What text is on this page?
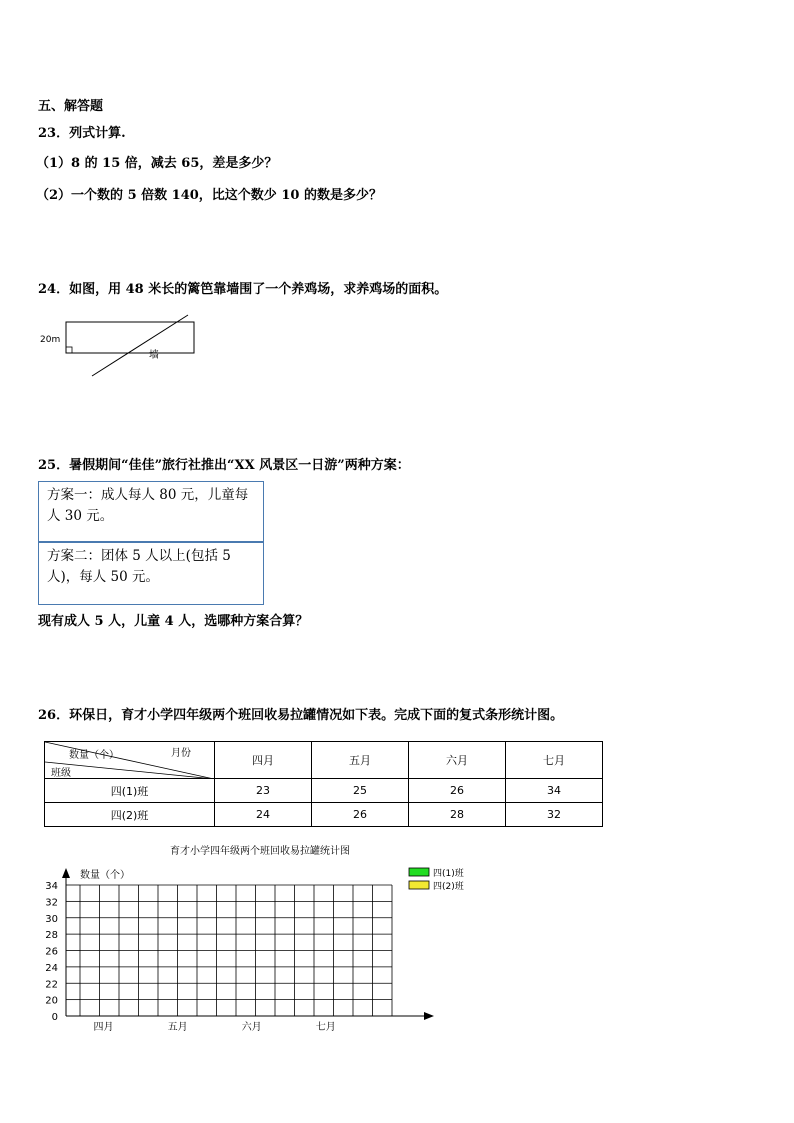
五、解答题
23．列式计算.
（1）8 的 15 倍，减去 65，差是多少？
（2）一个数的 5 倍数 140，比这个数少 10 的数是多少？
24．如图，用 48 米长的篱笆靠墙围了一个养鸡场，求养鸡场的面积。
20m
墙
25．暑假期间“佳佳”旅行社推出“XX 风景区一日游”两种方案：
方案一：成人每人 80 元，儿童每人 30 元。
方案二：团体 5 人以上(包括 5 人)，每人 50 元。
现有成人 5 人，儿童 4 人，选哪种方案合算？
26．环保日，育才小学四年级两个班回收易拉罐情况如下表。完成下面的复式条形统计图。
数量（个） 月份
班级	四月	五月	六月	七月
四(1)班	23	25	26	34
四(2)班	24	26	28	32
育才小学四年级两个班回收易拉罐统计图
数量（个）
0
20
22
24
26
28
30
32
34
四月	五月	六月	七月
四(1)班
四(2)班
